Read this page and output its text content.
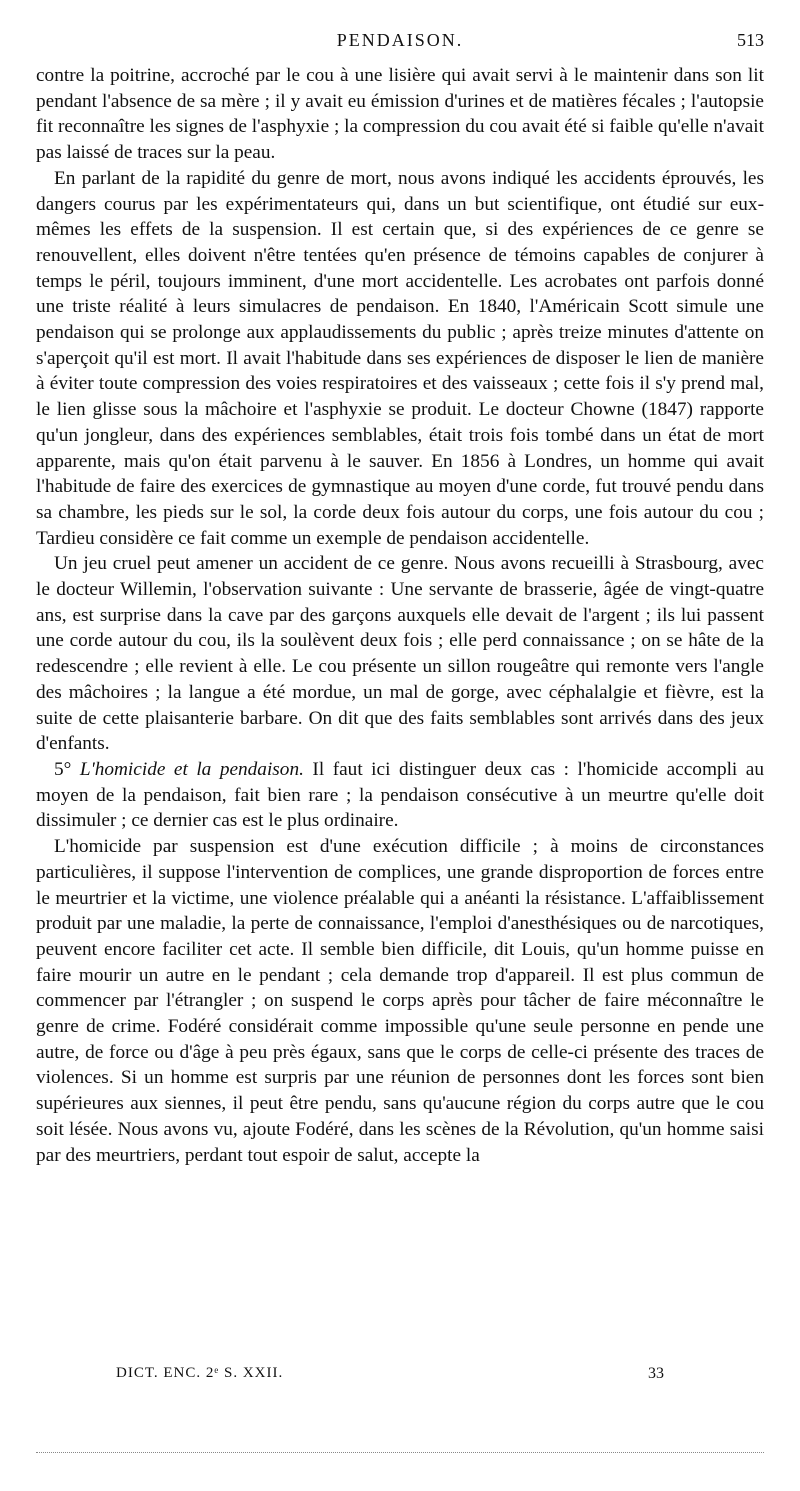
PENDAISON.	513

contre la poitrine, accroché par le cou à une lisière qui avait servi à le maintenir dans son lit pendant l'absence de sa mère ; il y avait eu émission d'urines et de matières fécales ; l'autopsie fit reconnaître les signes de l'asphyxie ; la compression du cou avait été si faible qu'elle n'avait pas laissé de traces sur la peau.

En parlant de la rapidité du genre de mort, nous avons indiqué les accidents éprouvés, les dangers courus par les expérimentateurs qui, dans un but scientifique, ont étudié sur eux-mêmes les effets de la suspension. Il est certain que, si des expériences de ce genre se renouvellent, elles doivent n'être tentées qu'en présence de témoins capables de conjurer à temps le péril, toujours imminent, d'une mort accidentelle. Les acrobates ont parfois donné une triste réalité à leurs simulacres de pendaison. En 1840, l'Américain Scott simule une pendaison qui se prolonge aux applaudissements du public ; après treize minutes d'attente on s'aperçoit qu'il est mort. Il avait l'habitude dans ses expériences de disposer le lien de manière à éviter toute compression des voies respiratoires et des vaisseaux ; cette fois il s'y prend mal, le lien glisse sous la mâchoire et l'asphyxie se produit. Le docteur Chowne (1847) rapporte qu'un jongleur, dans des expériences semblables, était trois fois tombé dans un état de mort apparente, mais qu'on était parvenu à le sauver. En 1856 à Londres, un homme qui avait l'habitude de faire des exercices de gymnastique au moyen d'une corde, fut trouvé pendu dans sa chambre, les pieds sur le sol, la corde deux fois autour du corps, une fois autour du cou ; Tardieu considère ce fait comme un exemple de pendaison accidentelle.

Un jeu cruel peut amener un accident de ce genre. Nous avons recueilli à Strasbourg, avec le docteur Willemin, l'observation suivante : Une servante de brasserie, âgée de vingt-quatre ans, est surprise dans la cave par des garçons auxquels elle devait de l'argent ; ils lui passent une corde autour du cou, ils la soulèvent deux fois ; elle perd connaissance ; on se hâte de la redescendre ; elle revient à elle. Le cou présente un sillon rougeâtre qui remonte vers l'angle des mâchoires ; la langue a été mordue, un mal de gorge, avec céphalalgie et fièvre, est la suite de cette plaisanterie barbare. On dit que des faits semblables sont arrivés dans des jeux d'enfants.

5° L'homicide et la pendaison. Il faut ici distinguer deux cas : l'homicide accompli au moyen de la pendaison, fait bien rare ; la pendaison consécutive à un meurtre qu'elle doit dissimuler ; ce dernier cas est le plus ordinaire.

L'homicide par suspension est d'une exécution difficile ; à moins de circonstances particulières, il suppose l'intervention de complices, une grande disproportion de forces entre le meurtrier et la victime, une violence préalable qui a anéanti la résistance. L'affaiblissement produit par une maladie, la perte de connaissance, l'emploi d'anesthésiques ou de narcotiques, peuvent encore faciliter cet acte. Il semble bien difficile, dit Louis, qu'un homme puisse en faire mourir un autre en le pendant ; cela demande trop d'appareil. Il est plus commun de commencer par l'étrangler ; on suspend le corps après pour tâcher de faire méconnaître le genre de crime. Fodéré considérait comme impossible qu'une seule personne en pende une autre, de force ou d'âge à peu près égaux, sans que le corps de celle-ci présente des traces de violences. Si un homme est surpris par une réunion de personnes dont les forces sont bien supérieures aux siennes, il peut être pendu, sans qu'aucune région du corps autre que le cou soit lésée. Nous avons vu, ajoute Fodéré, dans les scènes de la Révolution, qu'un homme saisi par des meurtriers, perdant tout espoir de salut, accepte la

DICT. ENC. 2ᵉ S. XXII.	33
